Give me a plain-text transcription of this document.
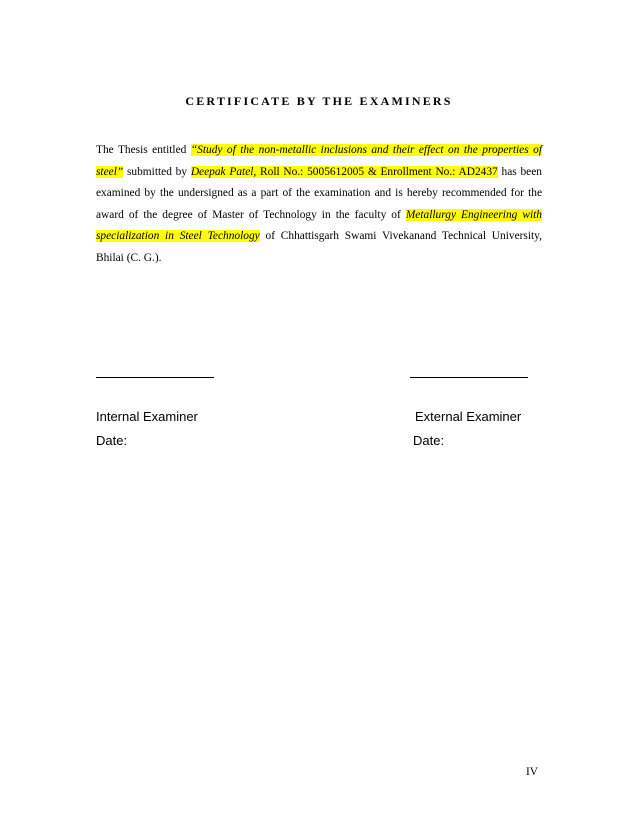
CERTIFICATE BY THE EXAMINERS
The Thesis entitled “Study of the non-metallic inclusions and their effect on the properties of steel” submitted by Deepak Patel, Roll No.: 5005612005 & Enrollment No.: AD2437 has been examined by the undersigned as a part of the examination and is hereby recommended for the award of the degree of Master of Technology in the faculty of Metallurgy Engineering with specialization in Steel Technology of Chhattisgarh Swami Vivekanand Technical University, Bhilai (C. G.).
Internal Examiner
Date:
External Examiner
Date:
IV
